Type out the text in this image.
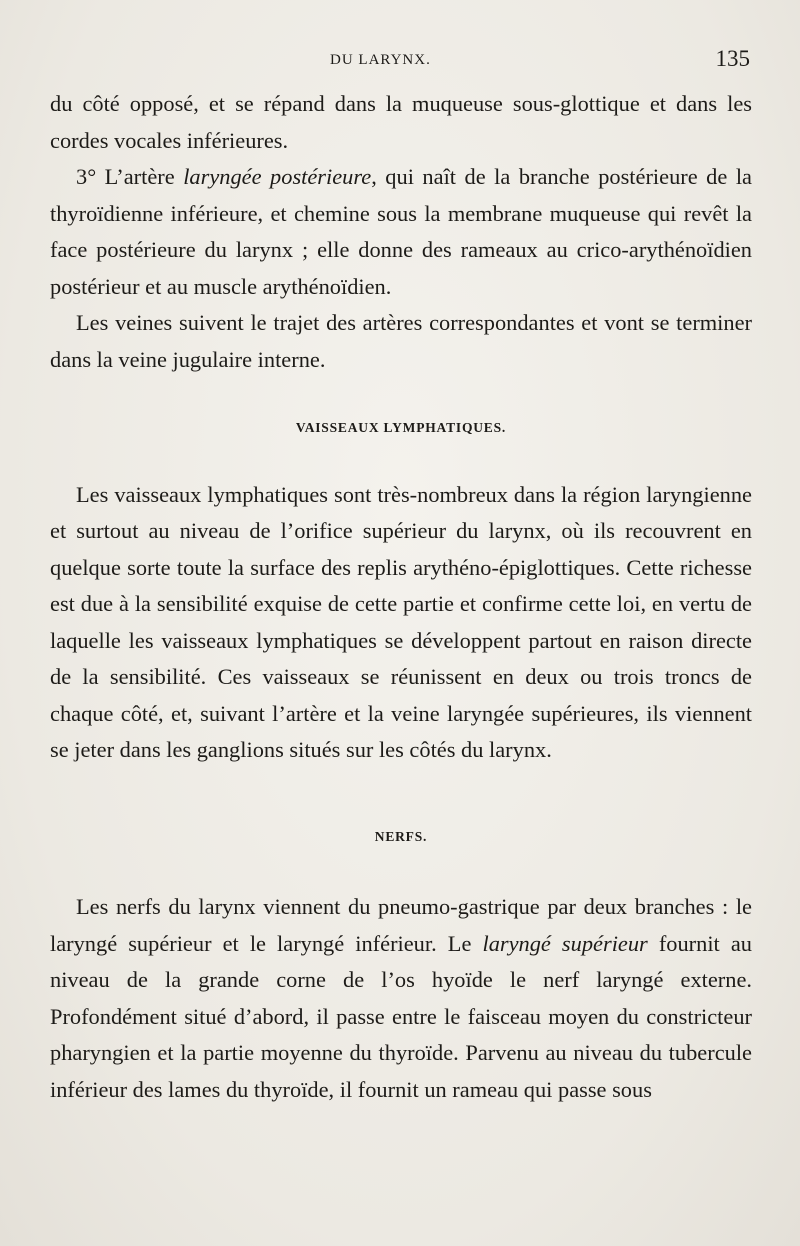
DU LARYNX.	135

du côté opposé, et se répand dans la muqueuse sous-glottique et dans les cordes vocales inférieures.

3° L’artère laryngée postérieure, qui naît de la branche postérieure de la thyroïdienne inférieure, et chemine sous la membrane muqueuse qui revêt la face postérieure du larynx ; elle donne des rameaux au crico-arythénoïdien postérieur et au muscle arythénoïdien.

Les veines suivent le trajet des artères correspondantes et vont se terminer dans la veine jugulaire interne.

VAISSEAUX LYMPHATIQUES.

Les vaisseaux lymphatiques sont très-nombreux dans la région laryngienne et surtout au niveau de l’orifice supérieur du larynx, où ils recouvrent en quelque sorte toute la surface des replis arythéno-épiglottiques. Cette richesse est due à la sensibilité exquise de cette partie et confirme cette loi, en vertu de laquelle les vaisseaux lymphatiques se développent partout en raison directe de la sensibilité. Ces vaisseaux se réunissent en deux ou trois troncs de chaque côté, et, suivant l’artère et la veine laryngée supérieures, ils viennent se jeter dans les ganglions situés sur les côtés du larynx.

NERFS.

Les nerfs du larynx viennent du pneumo-gastrique par deux branches : le laryngé supérieur et le laryngé inférieur. Le laryngé supérieur fournit au niveau de la grande corne de l’os hyoïde le nerf laryngé externe. Profondément situé d’abord, il passe entre le faisceau moyen du constricteur pharyngien et la partie moyenne du thyroïde. Parvenu au niveau du tubercule inférieur des lames du thyroïde, il fournit un rameau qui passe sous
